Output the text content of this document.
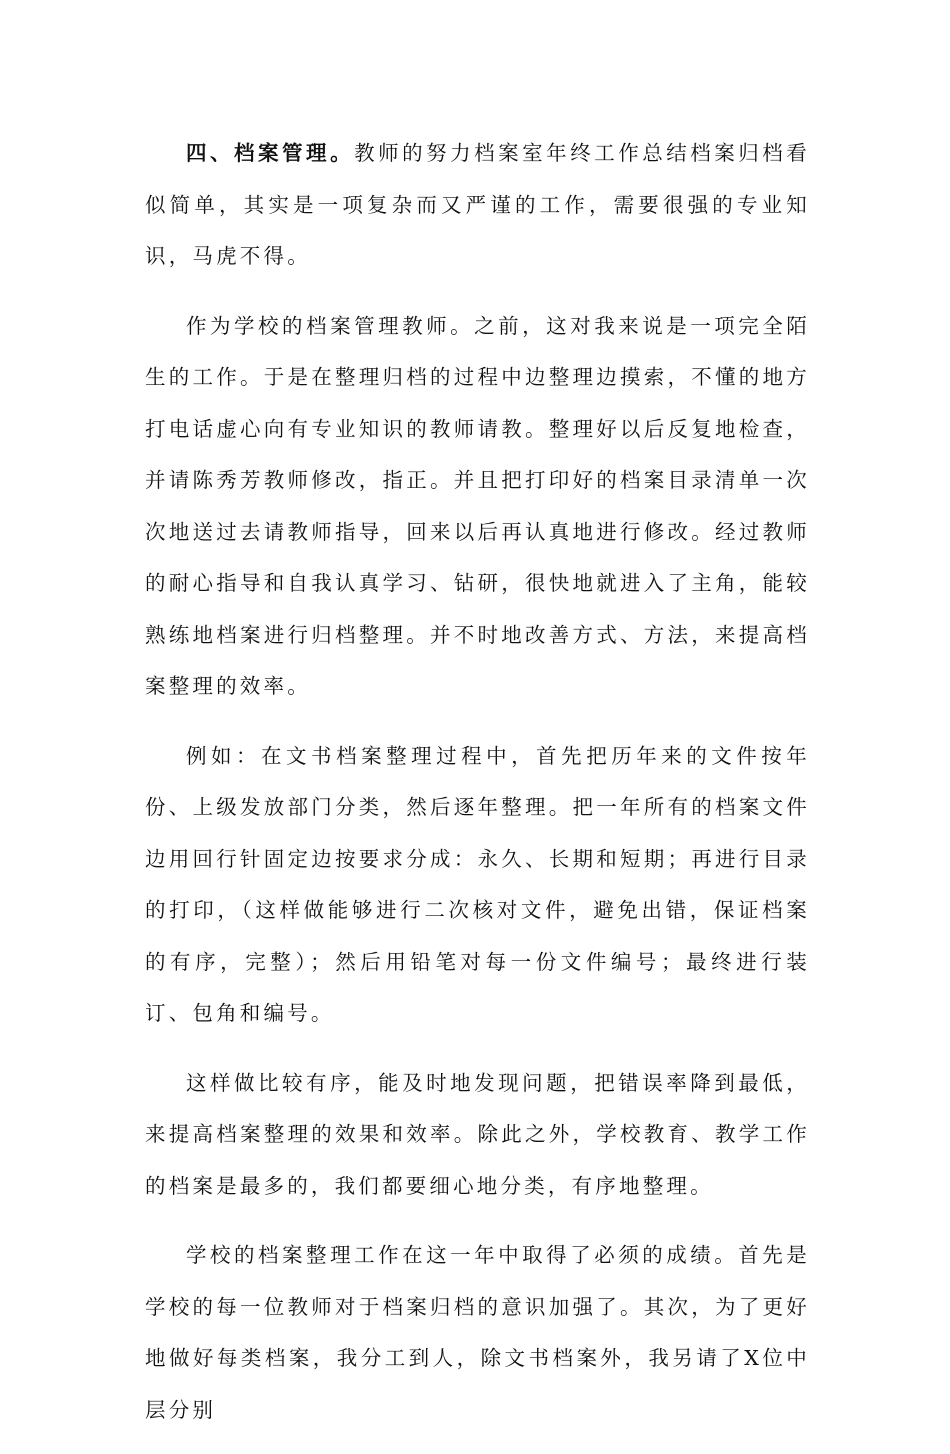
四、档案管理。教师的努力档案室年终工作总结档案归档看似简单，其实是一项复杂而又严谨的工作，需要很强的专业知识，马虎不得。

作为学校的档案管理教师。之前，这对我来说是一项完全陌生的工作。于是在整理归档的过程中边整理边摸索，不懂的地方打电话虚心向有专业知识的教师请教。整理好以后反复地检查，并请陈秀芳教师修改，指正。并且把打印好的档案目录清单一次次地送过去请教师指导，回来以后再认真地进行修改。经过教师的耐心指导和自我认真学习、钻研，很快地就进入了主角，能较熟练地档案进行归档整理。并不时地改善方式、方法，来提高档案整理的效率。

例如：在文书档案整理过程中，首先把历年来的文件按年份、上级发放部门分类，然后逐年整理。把一年所有的档案文件边用回行针固定边按要求分成：永久、长期和短期；再进行目录的打印，（这样做能够进行二次核对文件，避免出错，保证档案的有序，完整）；然后用铅笔对每一份文件编号；最终进行装订、包角和编号。

这样做比较有序，能及时地发现问题，把错误率降到最低，来提高档案整理的效果和效率。除此之外，学校教育、教学工作的档案是最多的，我们都要细心地分类，有序地整理。

学校的档案整理工作在这一年中取得了必须的成绩。首先是学校的每一位教师对于档案归档的意识加强了。其次，为了更好地做好每类档案，我分工到人，除文书档案外，我另请了X位中层分别
